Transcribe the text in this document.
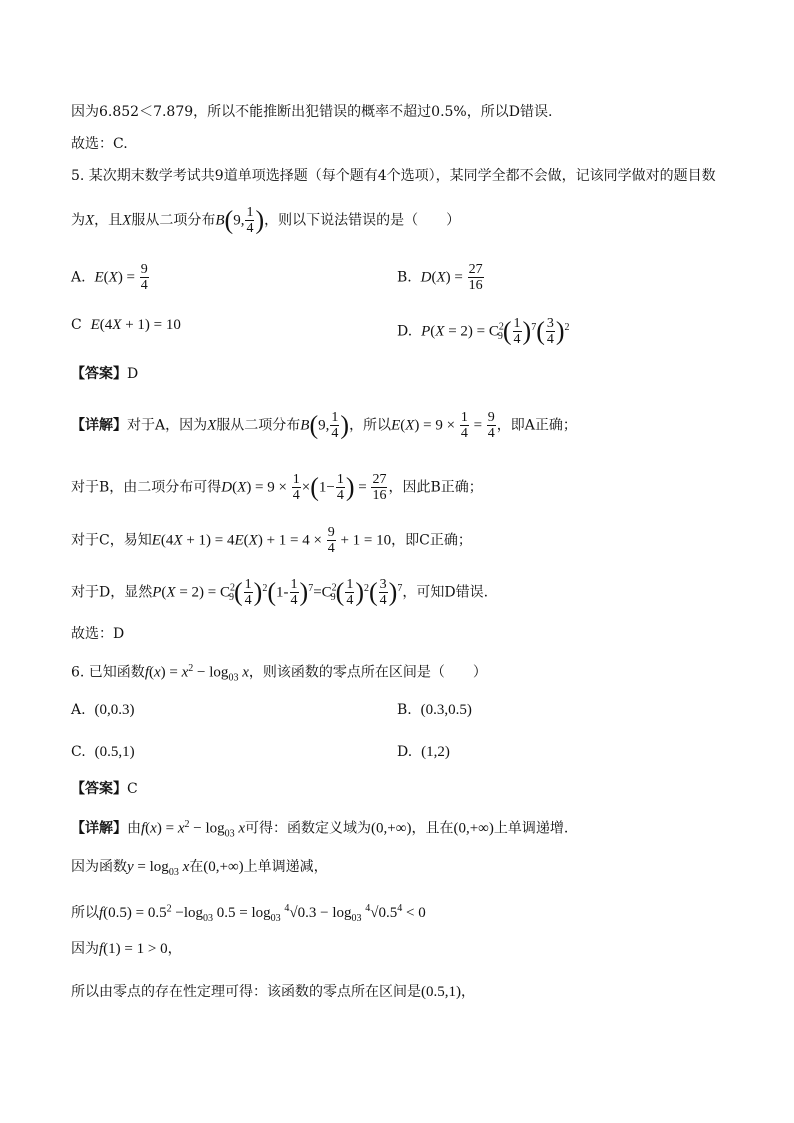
因为6.852＜7.879，所以不能推断出犯错误的概率不超过0.5%，所以D错误.
故选：C.
5. 某次期末数学考试共9道单项选择题（每个题有4个选项），某同学全都不会做，记该同学做对的题目数
为X，且X服从二项分布B(9, $\frac{1}{4}$ )，则以下说法错误的是（　　）
A. $E(X) = \frac{9}{4}$	B. $D(X) = \frac{27}{16}$
C E(4X + 1) = 10	D. $P(X = 2) = C^2_9( \frac{1}{4} )^7( \frac{3}{4} )^2$
【答案】D
【详解】对于A，因为X服从二项分布B(9, $\frac{1}{4}$ )，所以$E(X) = 9 \times \frac{1}{4} = \frac{9}{4}$ ，即A正确；
对于B，由二项分布可得$D(X) = 9 \times \frac{1}{4} \times(1- \frac{1}{4}$ ) = $\frac{27}{16}$ ，因此B正确；
对于C，易知$E(4X + 1) = 4E(X) + 1 = 4 \times \frac{9}{4} + 1 = 10$，即C正确；
对于D，显然$P(X = 2) = C^2_9( \frac{1}{4} )^2(1- \frac{1}{4} )^7=C^2_9( \frac{1}{4} )^2( \frac{3}{4} )^7$，可知D错误.
故选：D
6. 已知函数$f(x) = x^2 - \log_{03} x$，则该函数的零点所在区间是（　　）
A. (0,0.3)	B. (0.3,0.5)
C. (0.5,1)	D. (1,2)
【答案】C
【详解】由$f(x) = x^2 - \log_{03} x$可得：函数定义域为(0,+∞)，且在(0,+∞)上单调递增.
因为函数$y = \log_{03} x$在(0,+∞)上单调递减，
所以$f(0.5) = 0.5^2 -\log_{03}$ $0.5 = \log_{03} ^4√0.3 - \log_{03} ^4√0.5^4 < 0$
因为f(1) = 1 > 0，
所以由零点的存在性定理可得：该函数的零点所在区间是(0.5,1)，
